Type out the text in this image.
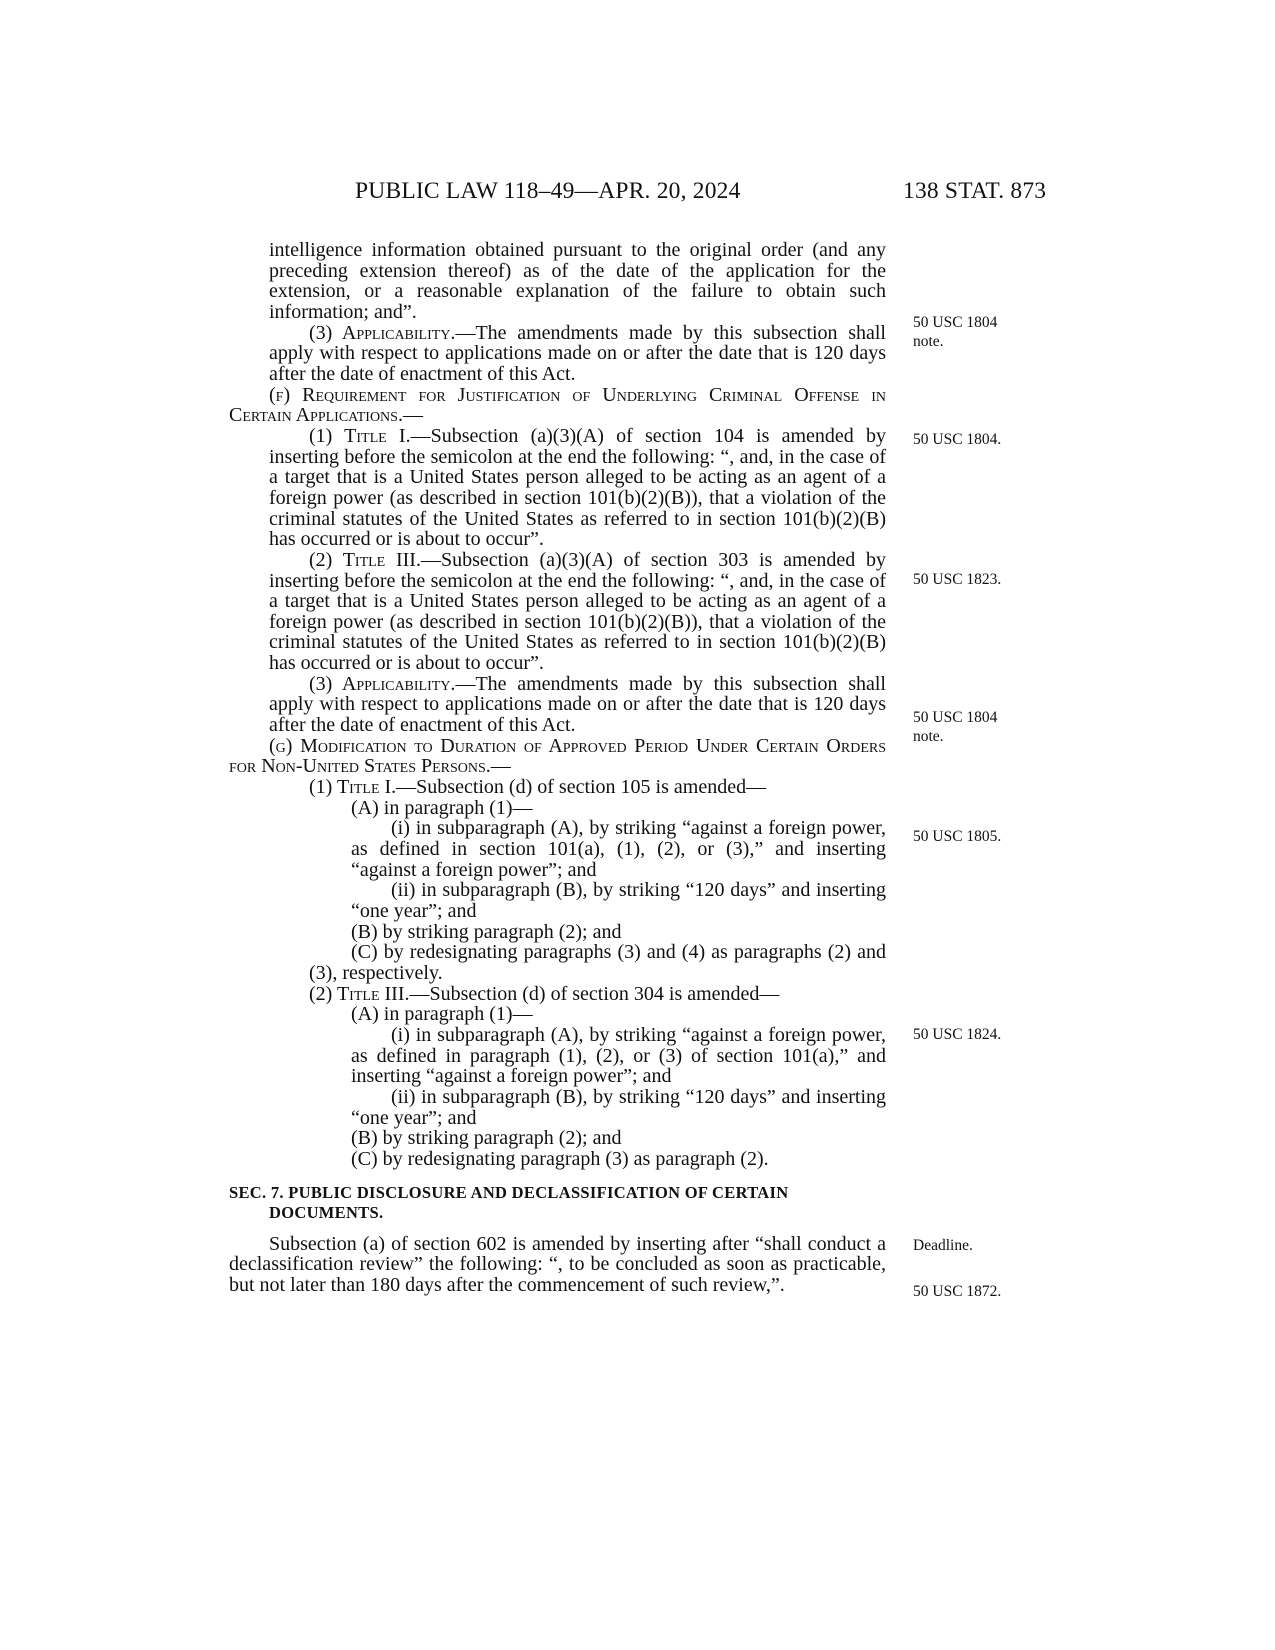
PUBLIC LAW 118–49—APR. 20, 2024	138 STAT. 873
intelligence information obtained pursuant to the original order (and any preceding extension thereof) as of the date of the application for the extension, or a reasonable explanation of the failure to obtain such information; and”.
(3) Applicability.—The amendments made by this subsection shall apply with respect to applications made on or after the date that is 120 days after the date of enactment of this Act.
(f) Requirement for Justification of Underlying Criminal Offense in Certain Applications.—
(1) Title I.—Subsection (a)(3)(A) of section 104 is amended by inserting before the semicolon at the end the following: “, and, in the case of a target that is a United States person alleged to be acting as an agent of a foreign power (as described in section 101(b)(2)(B)), that a violation of the criminal statutes of the United States as referred to in section 101(b)(2)(B) has occurred or is about to occur”.
(2) Title III.—Subsection (a)(3)(A) of section 303 is amended by inserting before the semicolon at the end the following: “, and, in the case of a target that is a United States person alleged to be acting as an agent of a foreign power (as described in section 101(b)(2)(B)), that a violation of the criminal statutes of the United States as referred to in section 101(b)(2)(B) has occurred or is about to occur”.
(3) Applicability.—The amendments made by this subsection shall apply with respect to applications made on or after the date that is 120 days after the date of enactment of this Act.
(g) Modification to Duration of Approved Period Under Certain Orders for Non-United States Persons.—
(1) Title I.—Subsection (d) of section 105 is amended—
(A) in paragraph (1)—
(i) in subparagraph (A), by striking “against a foreign power, as defined in section 101(a), (1), (2), or (3),” and inserting “against a foreign power”; and
(ii) in subparagraph (B), by striking “120 days” and inserting “one year”; and
(B) by striking paragraph (2); and
(C) by redesignating paragraphs (3) and (4) as paragraphs (2) and (3), respectively.
(2) Title III.—Subsection (d) of section 304 is amended—
(A) in paragraph (1)—
(i) in subparagraph (A), by striking “against a foreign power, as defined in paragraph (1), (2), or (3) of section 101(a),” and inserting “against a foreign power”; and
(ii) in subparagraph (B), by striking “120 days” and inserting “one year”; and
(B) by striking paragraph (2); and
(C) by redesignating paragraph (3) as paragraph (2).
SEC. 7. PUBLIC DISCLOSURE AND DECLASSIFICATION OF CERTAIN
DOCUMENTS.
Subsection (a) of section 602 is amended by inserting after “shall conduct a declassification review” the following: “, to be concluded as soon as practicable, but not later than 180 days after the commencement of such review,”.
50 USC 1804
note.
50 USC 1804.
50 USC 1823.
50 USC 1804
note.
50 USC 1805.
50 USC 1824.
Deadline.
50 USC 1872.
